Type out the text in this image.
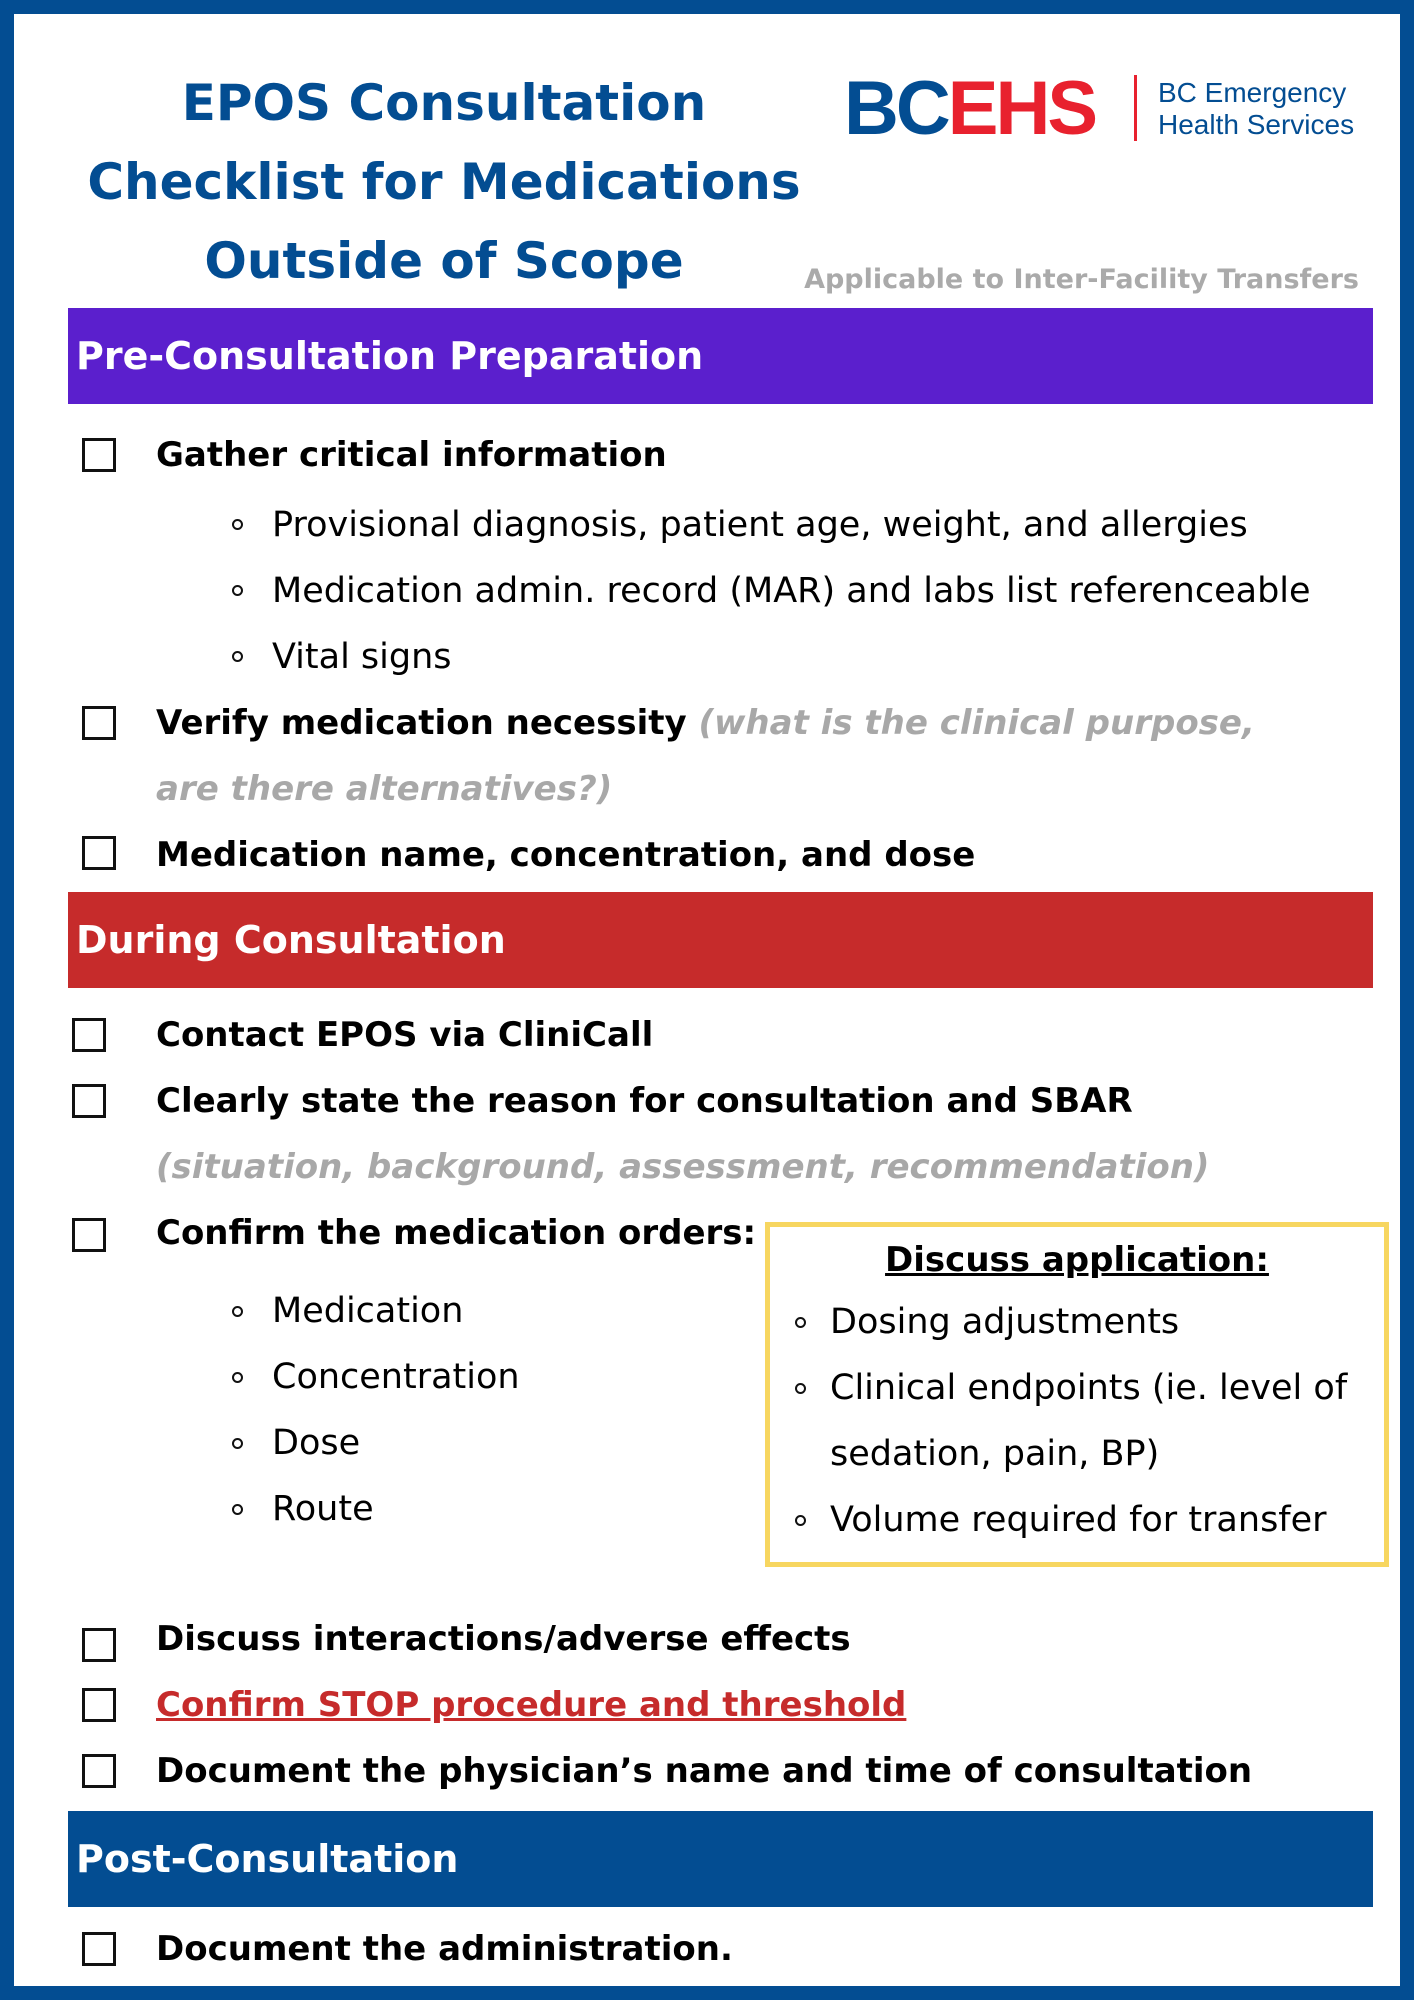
EPOS Consultation
Checklist for Medications
Outside of Scope
BCEHS BC Emergency
Health Services
Applicable to Inter-Facility Transfers
Pre-Consultation Preparation
Gather critical information
Provisional diagnosis, patient age, weight, and allergies
Medication admin. record (MAR) and labs list referenceable
Vital signs
Verify medication necessity (what is the clinical purpose, are there alternatives?)
Medication name, concentration, and dose
During Consultation
Contact EPOS via CliniCall
Clearly state the reason for consultation and SBAR (situation, background, assessment, recommendation)
Confirm the medication orders:
Medication
Concentration
Dose
Route
Discuss application:
Dosing adjustments
Clinical endpoints (ie. level of
sedation, pain, BP)
Volume required for transfer
Discuss interactions/adverse effects
Confirm STOP procedure and threshold
Document the physician’s name and time of consultation
Post-Consultation
Document the administration.
